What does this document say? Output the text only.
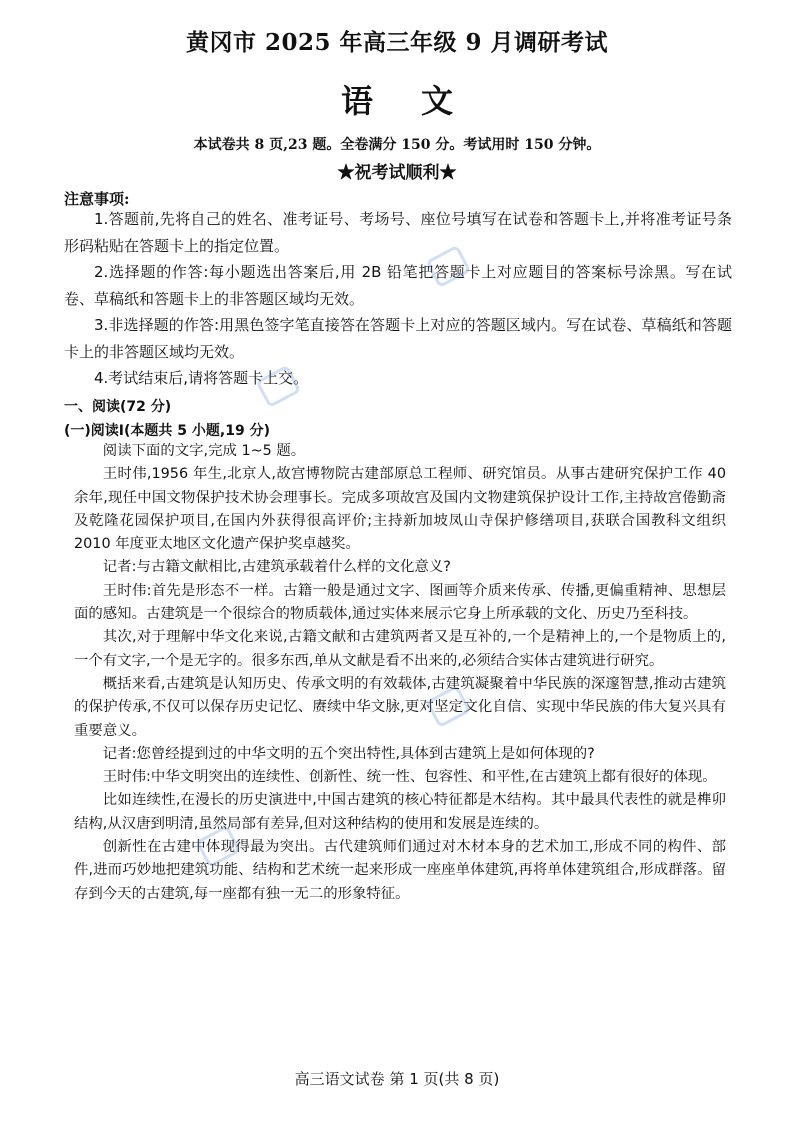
黄冈市 2025 年高三年级 9 月调研考试
语文
本试卷共 8 页,23 题。全卷满分 150 分。考试用时 150 分钟。
★祝考试顺利★
注意事项:

1.答题前,先将自己的姓名、准考证号、考场号、座位号填写在试卷和答题卡上,并将准考证号条形码粘贴在答题卡上的指定位置。

2.选择题的作答:每小题选出答案后,用 2B 铅笔把答题卡上对应题目的答案标号涂黑。写在试卷、草稿纸和答题卡上的非答题区域均无效。

3.非选择题的作答:用黑色签字笔直接答在答题卡上对应的答题区域内。写在试卷、草稿纸和答题卡上的非答题区域均无效。

4.考试结束后,请将答题卡上交。

一、阅读(72 分)
(一)阅读Ⅰ(本题共 5 小题,19 分)

阅读下面的文字,完成 1~5 题。

王时伟,1956 年生,北京人,故宫博物院古建部原总工程师、研究馆员。从事古建研究保护工作 40 余年,现任中国文物保护技术协会理事长。完成多项故宫及国内文物建筑保护设计工作,主持故宫倦勤斋及乾隆花园保护项目,在国内外获得很高评价;主持新加坡凤山寺保护修缮项目,获联合国教科文组织 2010 年度亚太地区文化遗产保护奖卓越奖。

记者:与古籍文献相比,古建筑承载着什么样的文化意义?

王时伟:首先是形态不一样。古籍一般是通过文字、图画等介质来传承、传播,更偏重精神、思想层面的感知。古建筑是一个很综合的物质载体,通过实体来展示它身上所承载的文化、历史乃至科技。

其次,对于理解中华文化来说,古籍文献和古建筑两者又是互补的,一个是精神上的,一个是物质上的,一个有文字,一个是无字的。很多东西,单从文献是看不出来的,必须结合实体古建筑进行研究。

概括来看,古建筑是认知历史、传承文明的有效载体,古建筑凝聚着中华民族的深邃智慧,推动古建筑的保护传承,不仅可以保存历史记忆、赓续中华文脉,更对坚定文化自信、实现中华民族的伟大复兴具有重要意义。

记者:您曾经提到过的中华文明的五个突出特性,具体到古建筑上是如何体现的?

王时伟:中华文明突出的连续性、创新性、统一性、包容性、和平性,在古建筑上都有很好的体现。

比如连续性,在漫长的历史演进中,中国古建筑的核心特征都是木结构。其中最具代表性的就是榫卯结构,从汉唐到明清,虽然局部有差异,但对这种结构的使用和发展是连续的。

创新性在古建中体现得最为突出。古代建筑师们通过对木材本身的艺术加工,形成不同的构件、部件,进而巧妙地把建筑功能、结构和艺术统一起来形成一座座单体建筑,再将单体建筑组合,形成群落。留存到今天的古建筑,每一座都有独一无二的形象特征。

高三语文试卷 第 1 页(共 8 页)
